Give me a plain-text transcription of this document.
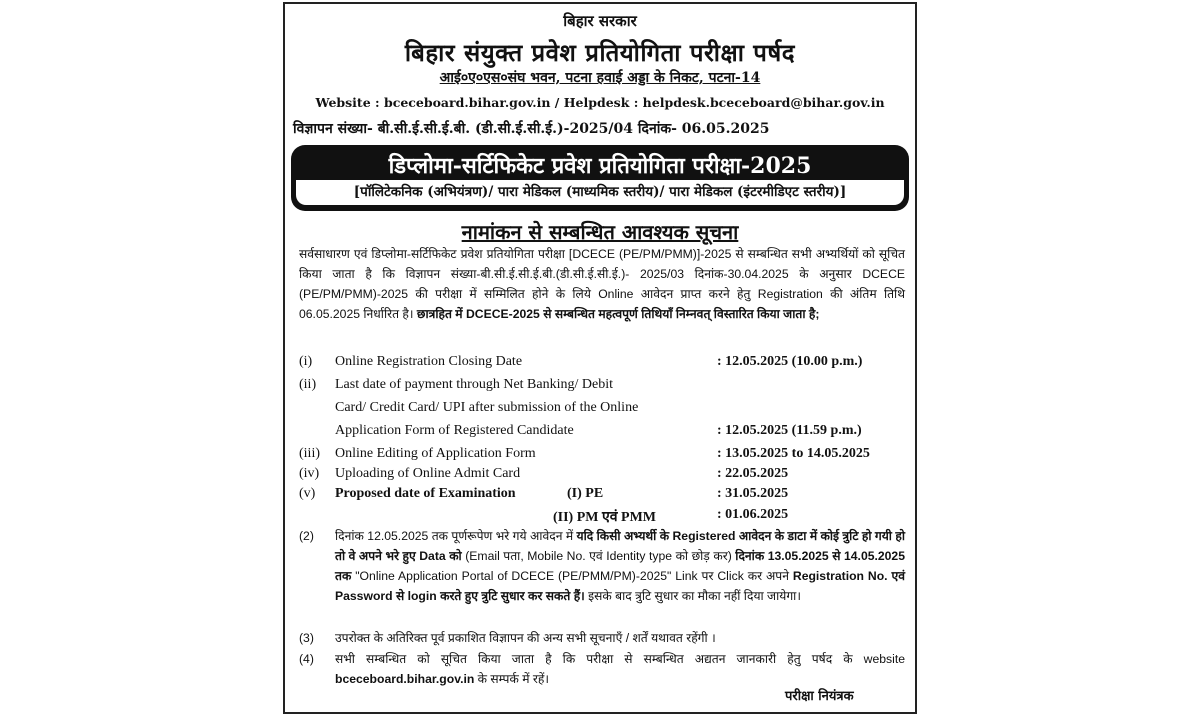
बिहार सरकार
बिहार संयुक्त प्रवेश प्रतियोगिता परीक्षा पर्षद
आई०ए०एस०संघ भवन, पटना हवाई अड्डा के निकट, पटना-14
Website : bceceboard.bihar.gov.in / Helpdesk : helpdesk.bceceboard@bihar.gov.in
विज्ञापन संख्या- बी.सी.ई.सी.ई.बी. (डी.सी.ई.सी.ई.)-2025/04 दिनांक- 06.05.2025
डिप्लोमा-सर्टिफिकेट प्रवेश प्रतियोगिता परीक्षा-2025
[पॉलिटेकनिक (अभियंत्रण)/ पारा मेडिकल (माध्यमिक स्तरीय)/ पारा मेडिकल (इंटरमीडिएट स्तरीय)]
नामांकन से सम्बन्धित आवश्यक सूचना
सर्वसाधारण एवं डिप्लोमा-सर्टिफिकेट प्रवेश प्रतियोगिता परीक्षा [DCECE (PE/PM/PMM)]-2025 से सम्बन्धित सभी अभ्यर्थियों को सूचित किया जाता है कि विज्ञापन संख्या-बी.सी.ई.सी.ई.बी.(डी.सी.ई.सी.ई.)- 2025/03 दिनांक-30.04.2025 के अनुसार DCECE (PE/PM/PMM)-2025 की परीक्षा में सम्मिलित होने के लिये Online आवेदन प्राप्त करने हेतु Registration की अंतिम तिथि 06.05.2025 निर्धारित है। छात्रहित में DCECE-2025 से सम्बन्धित महत्वपूर्ण तिथियाँ निम्नवत् विस्तारित किया जाता है;
(i) Online Registration Closing Date	: 12.05.2025 (10.00 p.m.)
(ii) Last date of payment through Net Banking/ Debit
Card/ Credit Card/ UPI after submission of the Online
Application Form of Registered Candidate	: 12.05.2025 (11.59 p.m.)
(iii) Online Editing of Application Form	: 13.05.2025 to 14.05.2025
(iv) Uploading of Online Admit Card	: 22.05.2025
(v) Proposed date of Examination	(I) PE	: 31.05.2025
(II) PM एवं PMM	: 01.06.2025
(2) दिनांक 12.05.2025 तक पूर्णरूपेण भरे गये आवेदन में यदि किसी अभ्यर्थी के Registered आवेदन के डाटा में कोई त्रुटि हो गयी हो तो वे अपने भरे हुए Data को (Email पता, Mobile No. एवं Identity type को छोड़ कर) दिनांक 13.05.2025 से 14.05.2025 तक "Online Application Portal of DCECE (PE/PMM/PM)-2025" Link पर Click कर अपने Registration No. एवं Password से login करते हुए त्रुटि सुधार कर सकते हैं। इसके बाद त्रुटि सुधार का मौका नहीं दिया जायेगा।
(3) उपरोक्त के अतिरिक्त पूर्व प्रकाशित विज्ञापन की अन्य सभी सूचनाएँ / शर्तें यथावत रहेंगी ।
(4) सभी सम्बन्धित को सूचित किया जाता है कि परीक्षा से सम्बन्धित अद्यतन जानकारी हेतु पर्षद के website bceceboard.bihar.gov.in के सम्पर्क में रहें।
परीक्षा नियंत्रक
